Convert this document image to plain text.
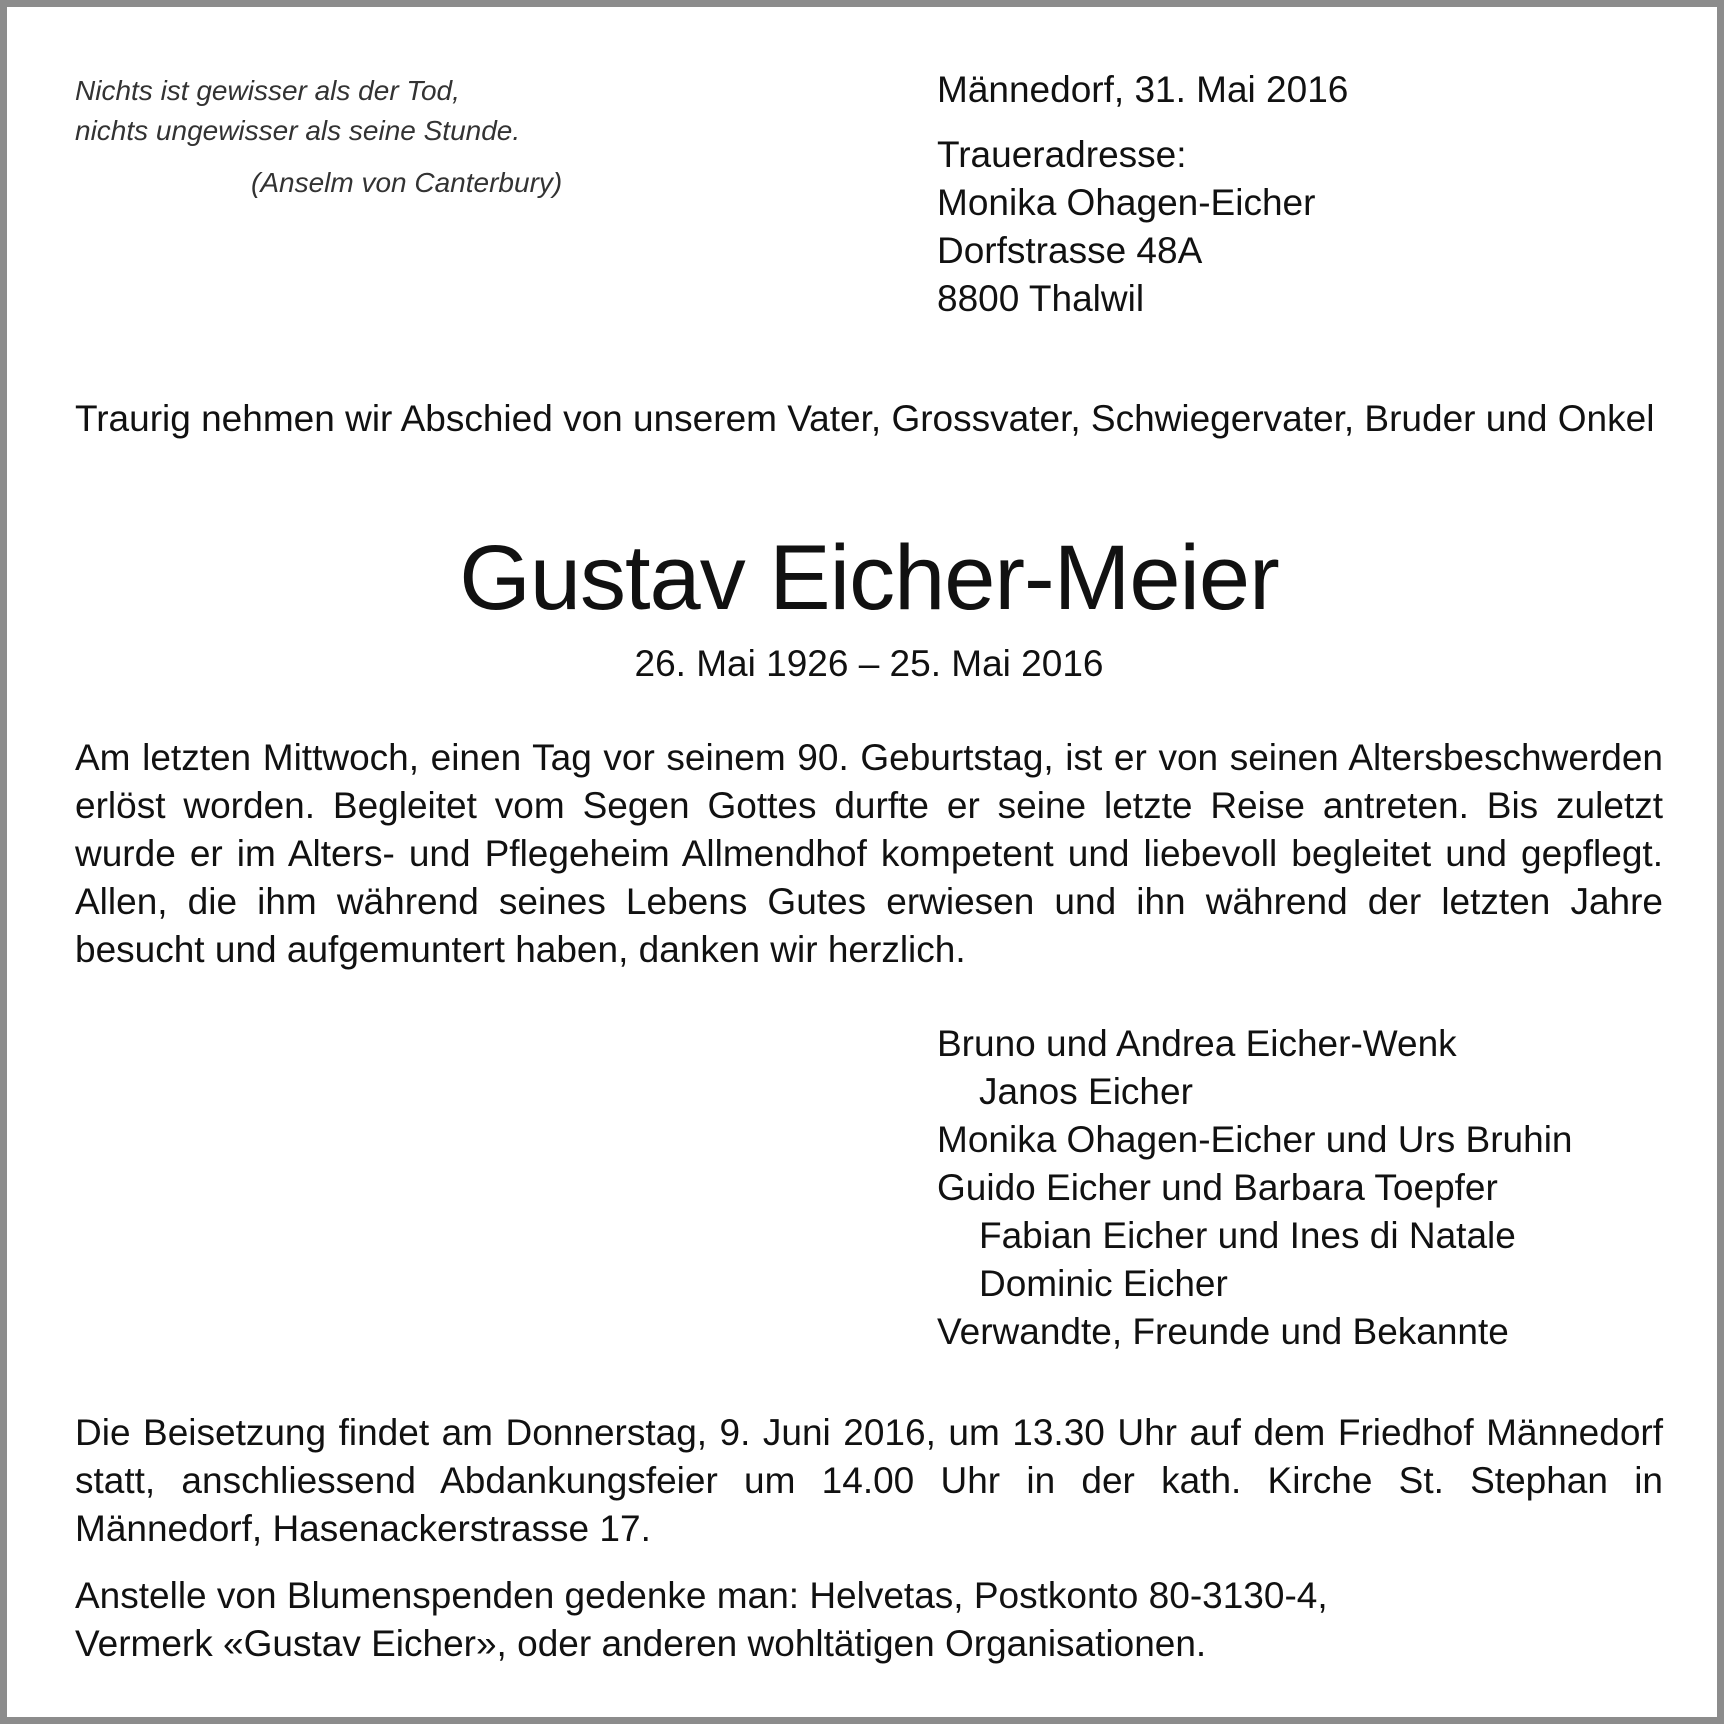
Nichts ist gewisser als der Tod,
nichts ungewisser als seine Stunde.
(Anselm von Canterbury)

Männedorf, 31. Mai 2016

Traueradresse:
Monika Ohagen-Eicher
Dorfstrasse 48A
8800 Thalwil

Traurig nehmen wir Abschied von unserem Vater, Grossvater, Schwiegervater, Bruder und Onkel

Gustav Eicher-Meier

26. Mai 1926 – 25. Mai 2016

Am letzten Mittwoch, einen Tag vor seinem 90. Geburtstag, ist er von seinen Altersbeschwerden erlöst worden. Begleitet vom Segen Gottes durfte er seine letzte Reise antreten. Bis zuletzt wurde er im Alters- und Pflegeheim Allmendhof kompetent und liebevoll begleitet und gepflegt. Allen, die ihm während seines Lebens Gutes erwiesen und ihn während der letzten Jahre besucht und aufgemuntert haben, danken wir herzlich.

Bruno und Andrea Eicher-Wenk
Janos Eicher
Monika Ohagen-Eicher und Urs Bruhin
Guido Eicher und Barbara Toepfer
Fabian Eicher und Ines di Natale
Dominic Eicher
Verwandte, Freunde und Bekannte

Die Beisetzung findet am Donnerstag, 9. Juni 2016, um 13.30 Uhr auf dem Friedhof Männedorf statt, anschliessend Abdankungsfeier um 14.00 Uhr in der kath. Kirche St. Stephan in Männedorf, Hasenackerstrasse 17.

Anstelle von Blumenspenden gedenke man: Helvetas, Postkonto 80-3130-4,
Vermerk «Gustav Eicher», oder anderen wohltätigen Organisationen.
